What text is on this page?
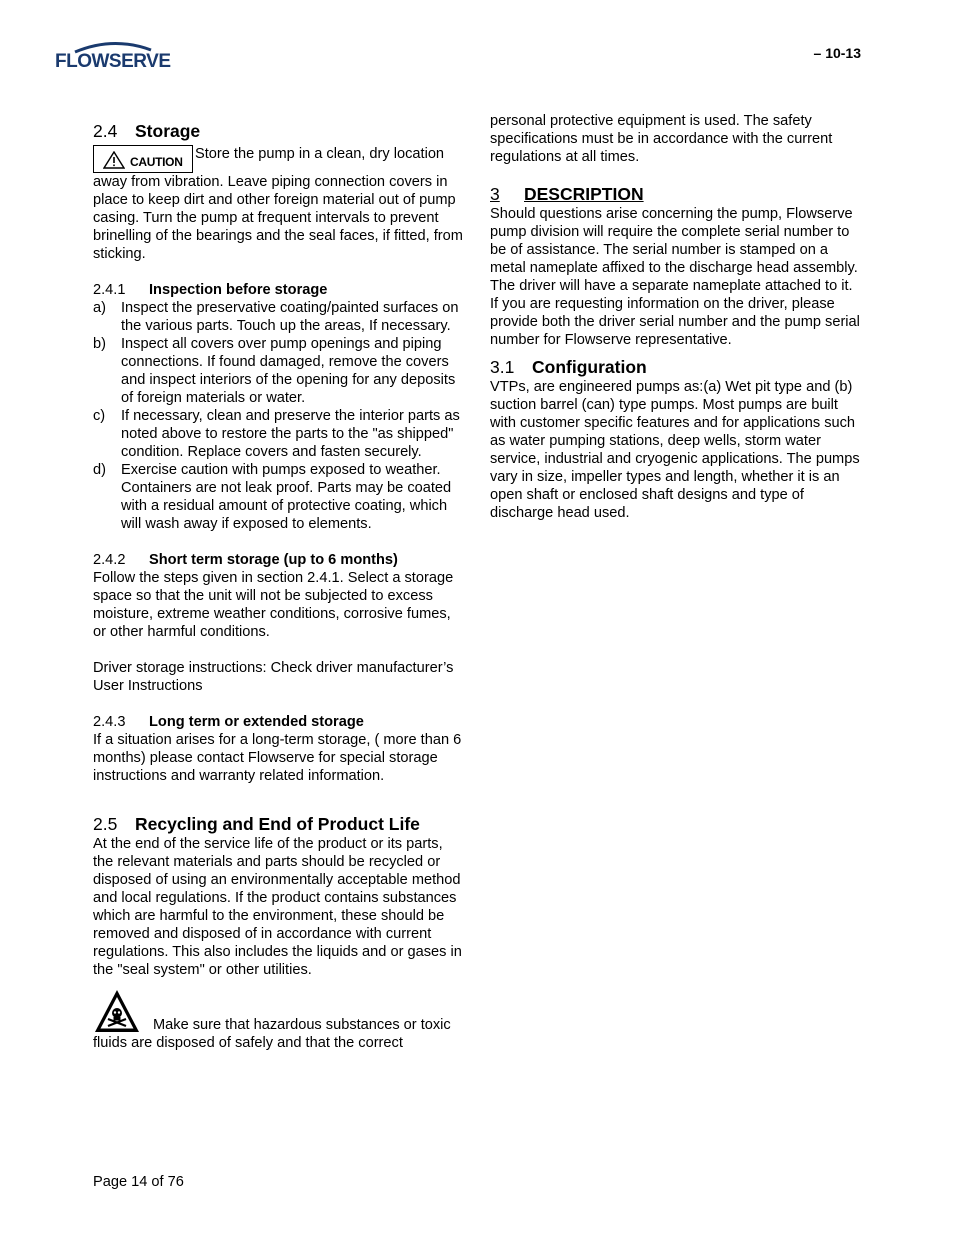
FLOWSERVE	– 10-13
2.4 Storage

CAUTION Store the pump in a clean, dry location away from vibration. Leave piping connection covers in place to keep dirt and other foreign material out of pump casing. Turn the pump at frequent intervals to prevent brinelling of the bearings and the seal faces, if fitted, from sticking.

2.4.1 Inspection before storage
a) Inspect the preservative coating/painted surfaces on the various parts. Touch up the areas, If necessary.
b) Inspect all covers over pump openings and piping connections. If found damaged, remove the covers and inspect interiors of the opening for any deposits of foreign materials or water.
c) If necessary, clean and preserve the interior parts as noted above to restore the parts to the "as shipped" condition. Replace covers and fasten securely.
d) Exercise caution with pumps exposed to weather. Containers are not leak proof. Parts may be coated with a residual amount of protective coating, which will wash away if exposed to elements.
2.4.2 Short term storage (up to 6 months)

Follow the steps given in section 2.4.1. Select a storage space so that the unit will not be subjected to excess moisture, extreme weather conditions, corrosive fumes, or other harmful conditions.

Driver storage instructions: Check driver manufacturer’s User Instructions

2.4.3 Long term or extended storage

If a situation arises for a long-term storage, ( more than 6 months) please contact Flowserve for special storage instructions and warranty related information.

2.5 Recycling and End of Product Life

At the end of the service life of the product or its parts, the relevant materials and parts should be recycled or disposed of using an environmentally acceptable method and local regulations. If the product contains substances which are harmful to the environment, these should be removed and disposed of in accordance with current regulations. This also includes the liquids and or gases in the "seal system" or other utilities.

Make sure that hazardous substances or toxic fluids are disposed of safely and that the correct

personal protective equipment is used. The safety specifications must be in accordance with the current regulations at all times.

3 DESCRIPTION

Should questions arise concerning the pump, Flowserve pump division will require the complete serial number to be of assistance. The serial number is stamped on a metal nameplate affixed to the discharge head assembly. The driver will have a separate nameplate attached to it. If you are requesting information on the driver, please provide both the driver serial number and the pump serial number for Flowserve representative.

3.1 Configuration

VTPs, are engineered pumps as:(a) Wet pit type and (b) suction barrel (can) type pumps. Most pumps are built with customer specific features and for applications such as water pumping stations, deep wells, storm water service, industrial and cryogenic applications. The pumps vary in size, impeller types and length, whether it is an open shaft or enclosed shaft designs and type of discharge head used.

Page 14 of 76
